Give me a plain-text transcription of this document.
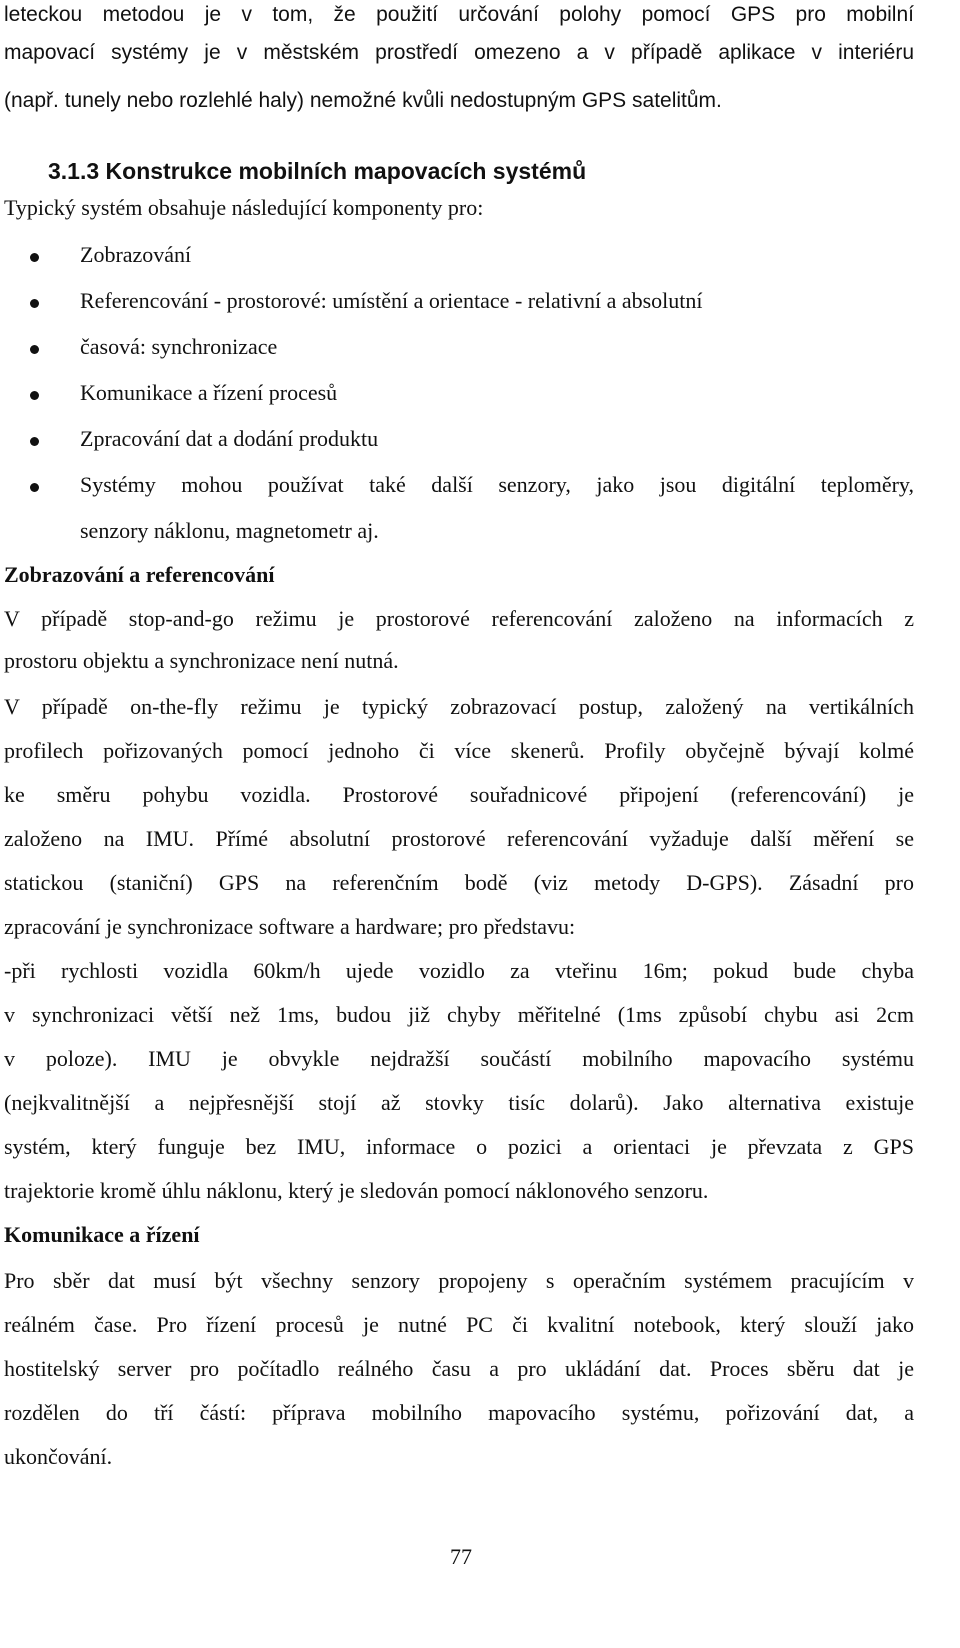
leteckou metodou je v tom, že použití určování polohy pomocí GPS pro mobilní
mapovací systémy je v městském prostředí omezeno a v případě aplikace v interiéru
(např. tunely nebo rozlehlé haly) nemožné kvůli nedostupným GPS satelitům.
3.1.3 Konstrukce mobilních mapovacích systémů
Typický systém obsahuje následující komponenty pro:
Zobrazování
Referencování - prostorové: umístění a orientace - relativní a absolutní
časová: synchronizace
Komunikace a řízení procesů
Zpracování dat a dodání produktu
Systémy mohou používat také další senzory, jako jsou digitální teploměry,
senzory náklonu, magnetometr aj.
Zobrazování a referencování
V případě stop-and-go režimu je prostorové referencování založeno na informacích z
prostoru objektu a synchronizace není nutná.
V případě on-the-fly režimu je typický zobrazovací postup, založený na vertikálních
profilech pořizovaných pomocí jednoho či více skenerů. Profily obyčejně bývají kolmé
ke směru pohybu vozidla. Prostorové souřadnicové připojení (referencování) je
založeno na IMU. Přímé absolutní prostorové referencování vyžaduje další měření se
statickou (staniční) GPS na referenčním bodě (viz metody D-GPS). Zásadní pro
zpracování je synchronizace software a hardware; pro představu:
-při rychlosti vozidla 60km/h ujede vozidlo za vteřinu 16m; pokud bude chyba
v synchronizaci větší než 1ms, budou již chyby měřitelné (1ms způsobí chybu asi 2cm
v poloze). IMU je obvykle nejdražší součástí mobilního mapovacího systému
(nejkvalitnější a nejpřesnější stojí až stovky tisíc dolarů). Jako alternativa existuje
systém, který funguje bez IMU, informace o pozici a orientaci je převzata z GPS
trajektorie kromě úhlu náklonu, který je sledován pomocí náklonového senzoru.
Komunikace a řízení
Pro sběr dat musí být všechny senzory propojeny s operačním systémem pracujícím v
reálném čase. Pro řízení procesů je nutné PC či kvalitní notebook, který slouží jako
hostitelský server pro počítadlo reálného času a pro ukládání dat. Proces sběru dat je
rozdělen do tří částí: příprava mobilního mapovacího systému, pořizování dat, a
ukončování.
77
